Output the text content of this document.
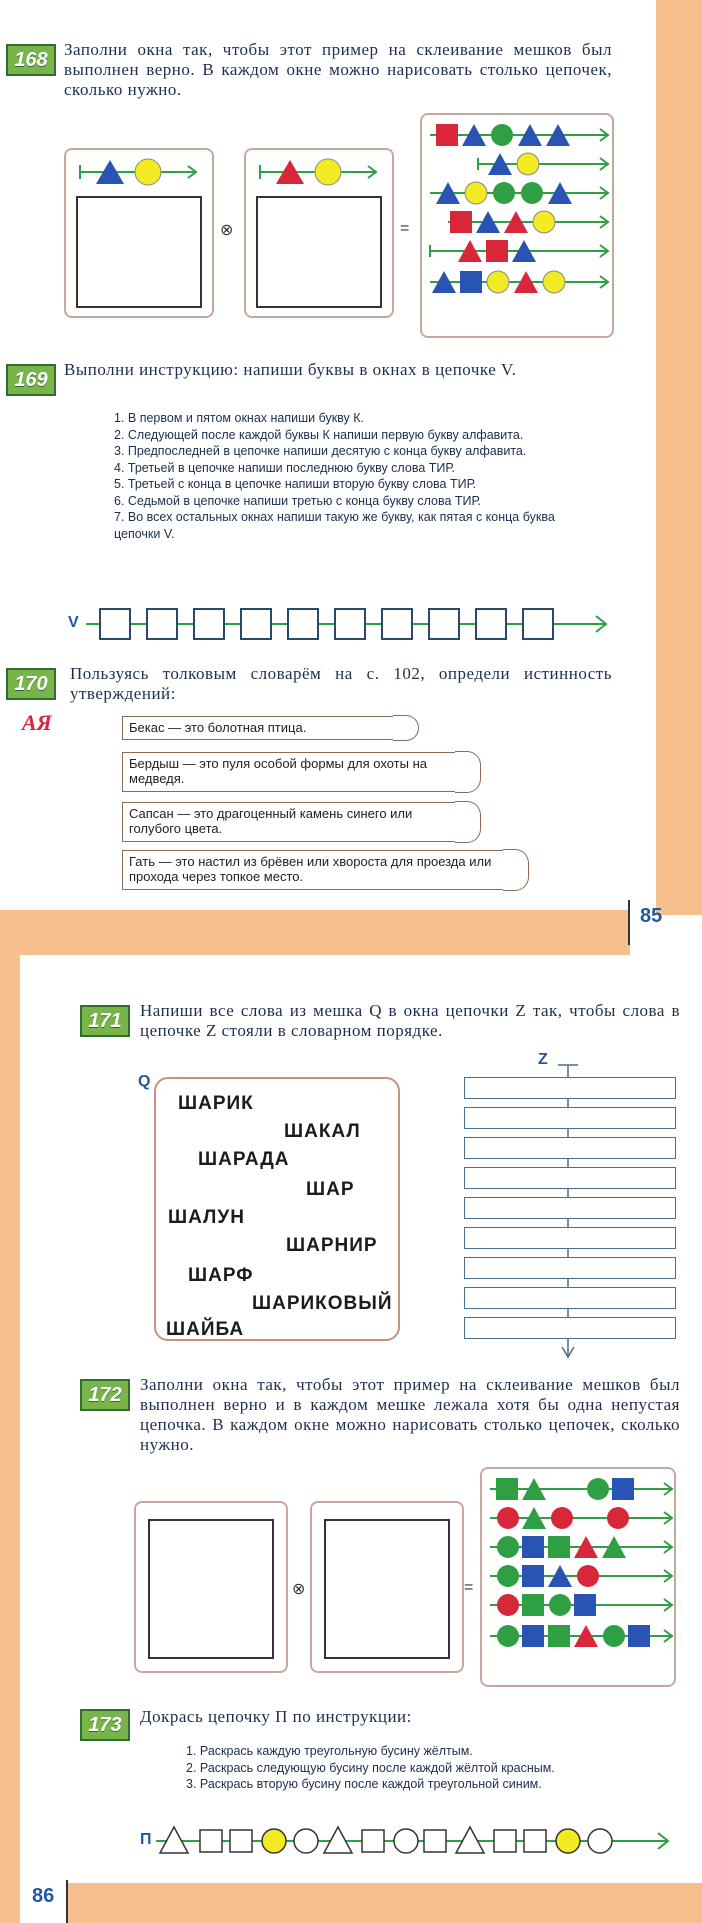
85
168 Заполни окна так, чтобы этот пример на склеивание мешков был выполнен верно. В каждом окне можно нарисовать столько цепочек, сколько нужно.
⊗	=
169 Выполни инструкцию: напиши буквы в окнах в цепочке V.
1. В первом и пятом окнах напиши букву К.
2. Следующей после каждой буквы К напиши первую букву алфавита.
3. Предпоследней в цепочке напиши десятую с конца букву алфавита.
4. Третьей в цепочке напиши последнюю букву слова ТИР.
5. Третьей с конца в цепочке напиши вторую букву слова ТИР.
6. Седьмой в цепочке напиши третью с конца букву слова ТИР.
7. Во всех остальных окнах напиши такую же букву, как пятая с конца буква цепочки V.
V
170	Пользуясь толковым словарём на с. 102, определи истинность утверждений:
АЯ	Бекас — это болотная птица.
Бердыш — это пуля особой формы для охоты на медведя.
Сапсан — это драгоценный камень синего или голубого цвета.
Гать — это настил из брёвен или хвороста для проезда или прохода через топкое место.
86
171	Напиши все слова из мешка Q в окна цепочки Z так, чтобы слова в цепочке Z стояли в словарном порядке.
Q
ШАРИК
ШАКАЛ
ШАРАДА
ШАР
ШАЛУН
ШАРНИР
ШАРФ
ШАРИКОВЫЙ
ШАЙБА
Z
172	Заполни окна так, чтобы этот пример на склеивание мешков был выполнен верно и в каждом мешке лежала хотя бы одна непустая цепочка. В каждом окне можно нарисовать столько цепочек, сколько нужно.
⊗	=
173	Докрась цепочку П по инструкции:
1. Раскрась каждую треугольную бусину жёлтым.
2. Раскрась следующую бусину после каждой жёлтой красным.
3. Раскрась вторую бусину после каждой треугольной синим.
П
